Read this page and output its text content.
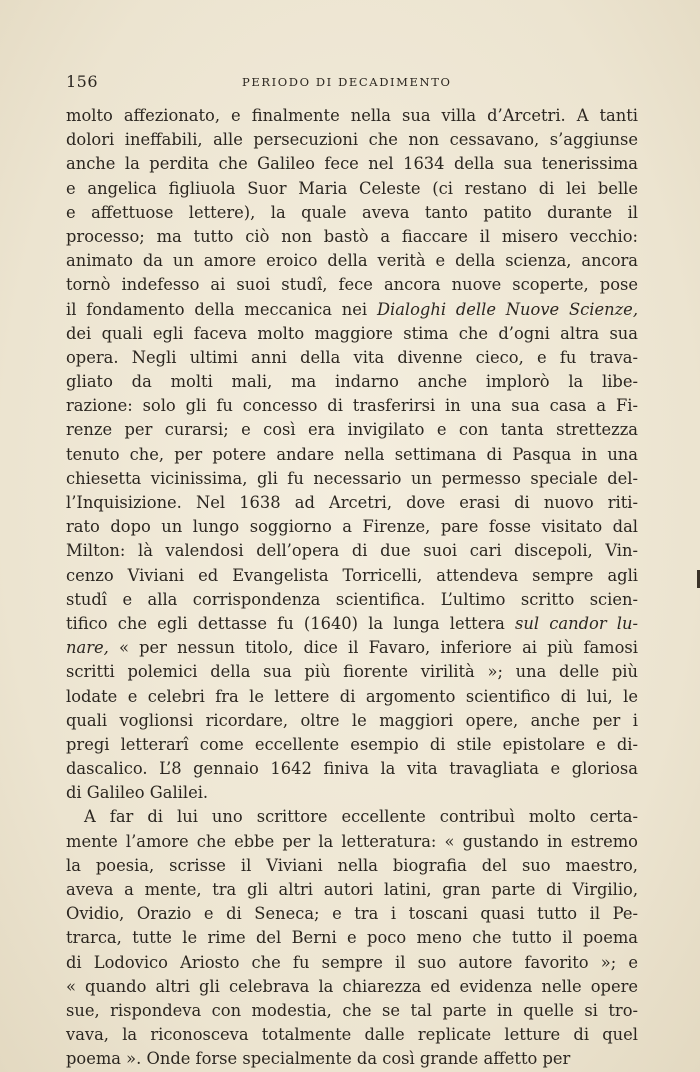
156	PERIODO DI DECADIMENTO
molto affezionato, e finalmente nella sua villa d’Arcetri. A tanti
dolori ineffabili, alle persecuzioni che non cessavano, s’aggiunse
anche la perdita che Galileo fece nel 1634 della sua tenerissima
e angelica figliuola Suor Maria Celeste (ci restano di lei belle
e affettuose lettere), la quale aveva tanto patito durante il
processo; ma tutto ciò non bastò a fiaccare il misero vecchio:
animato da un amore eroico della verità e della scienza, ancora
tornò indefesso ai suoi studî, fece ancora nuove scoperte, pose
il fondamento della meccanica nei Dialoghi delle Nuove Scienze,
dei quali egli faceva molto maggiore stima che d’ogni altra sua
opera. Negli ultimi anni della vita divenne cieco, e fu trava-
gliato da molti mali, ma indarno anche implorò la libe-
razione: solo gli fu concesso di trasferirsi in una sua casa a Fi-
renze per curarsi; e così era invigilato e con tanta strettezza
tenuto che, per potere andare nella settimana di Pasqua in una
chiesetta vicinissima, gli fu necessario un permesso speciale del-
l’Inquisizione. Nel 1638 ad Arcetri, dove erasi di nuovo riti-
rato dopo un lungo soggiorno a Firenze, pare fosse visitato dal
Milton: là valendosi dell’opera di due suoi cari discepoli, Vin-
cenzo Viviani ed Evangelista Torricelli, attendeva sempre agli
studî e alla corrispondenza scientifica. L’ultimo scritto scien-
tifico che egli dettasse fu (1640) la lunga lettera sul candor lu-
nare, « per nessun titolo, dice il Favaro, inferiore ai più famosi
scritti polemici della sua più fiorente virilità »; una delle più
lodate e celebri fra le lettere di argomento scientifico di lui, le
quali voglionsi ricordare, oltre le maggiori opere, anche per i
pregi letterarî come eccellente esempio di stile epistolare e di-
dascalico. L’8 gennaio 1642 finiva la vita travagliata e gloriosa
di Galileo Galilei.
A far di lui uno scrittore eccellente contribuì molto certa-
mente l’amore che ebbe per la letteratura: « gustando in estremo
la poesia, scrisse il Viviani nella biografia del suo maestro,
aveva a mente, tra gli altri autori latini, gran parte di Virgilio,
Ovidio, Orazio e di Seneca; e tra i toscani quasi tutto il Pe-
trarca, tutte le rime del Berni e poco meno che tutto il poema
di Lodovico Ariosto che fu sempre il suo autore favorito »; e
« quando altri gli celebrava la chiarezza ed evidenza nelle opere
sue, rispondeva con modestia, che se tal parte in quelle si tro-
vava, la riconosceva totalmente dalle replicate letture di quel
poema ». Onde forse specialmente da così grande affetto per
